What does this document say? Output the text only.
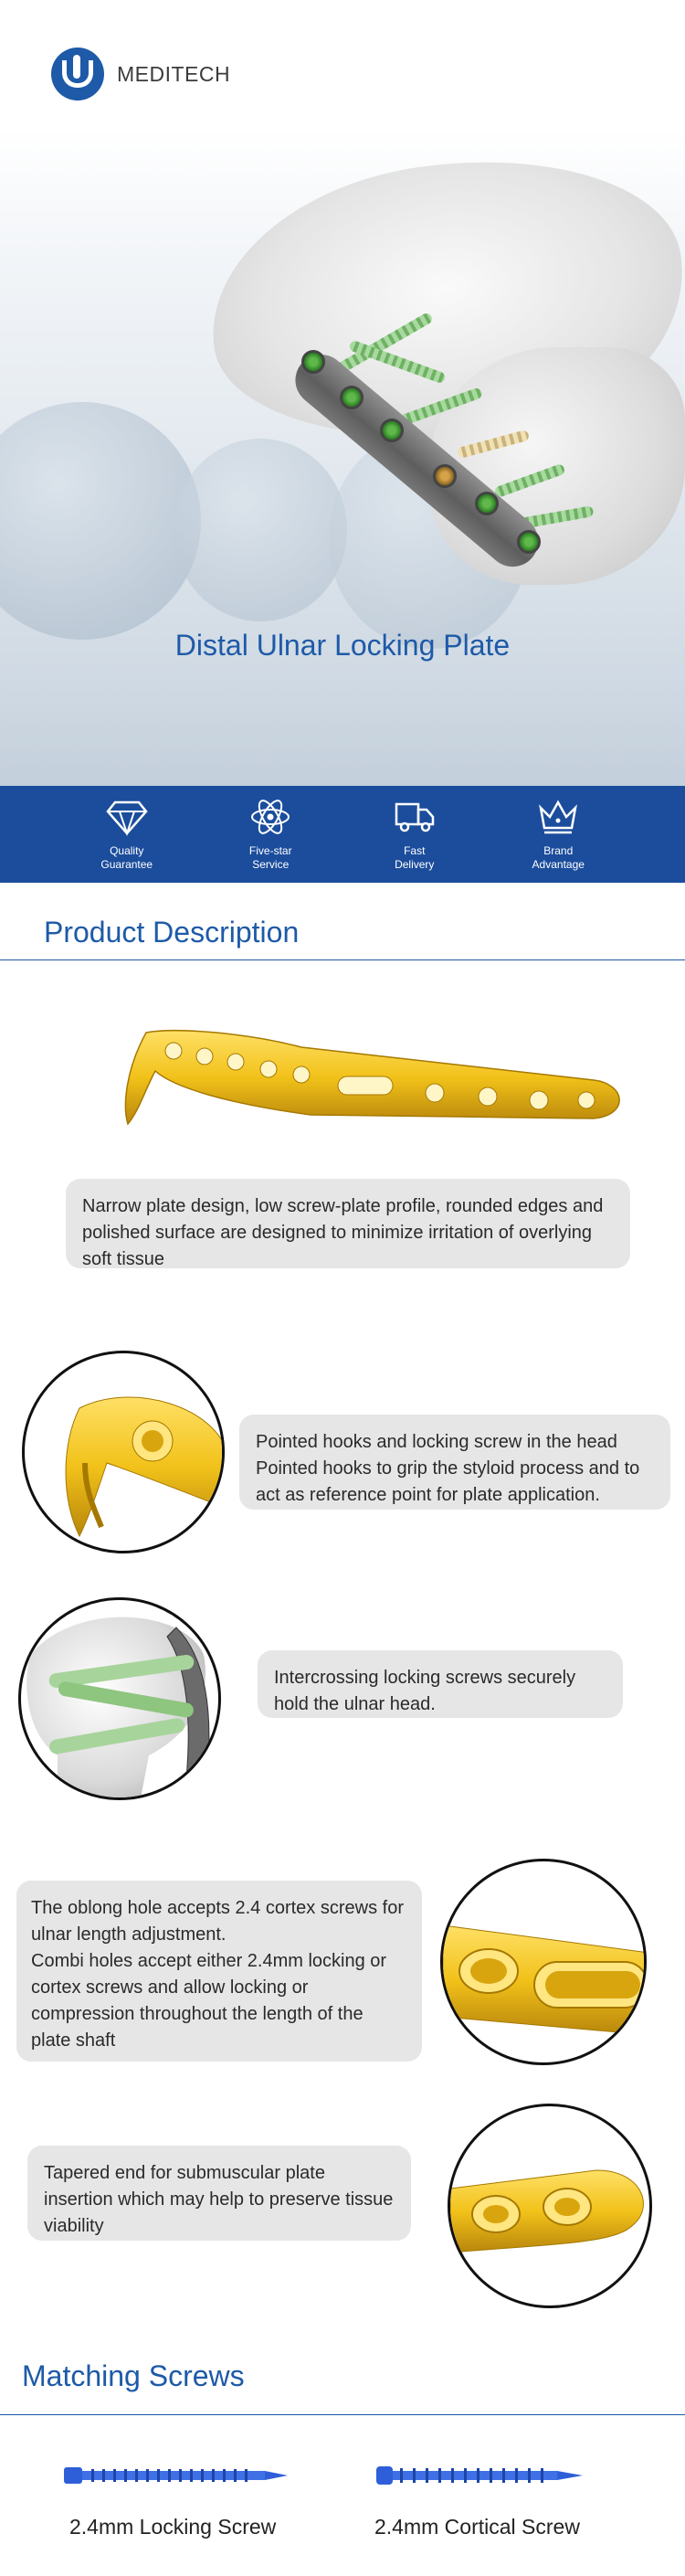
MEDITECH
Distal Ulnar Locking Plate
Quality
Guarantee
Five-star
Service
Fast
Delivery
Brand
Advantage
Product Description
Narrow plate design, low screw-plate profile, rounded edges and polished surface are designed to minimize irritation of overlying soft tissue
Pointed hooks and locking screw in the head Pointed hooks to grip the styloid process and to act as reference point for plate application.
Intercrossing locking screws securely hold the ulnar head.
The oblong hole accepts 2.4 cortex screws for ulnar length adjustment.
Combi holes accept either 2.4mm locking or cortex screws and allow locking or compression throughout the length of the plate shaft
Tapered end for submuscular plate insertion which may help to preserve tissue viability
Matching Screws
2.4mm Locking Screw	2.4mm Cortical Screw
